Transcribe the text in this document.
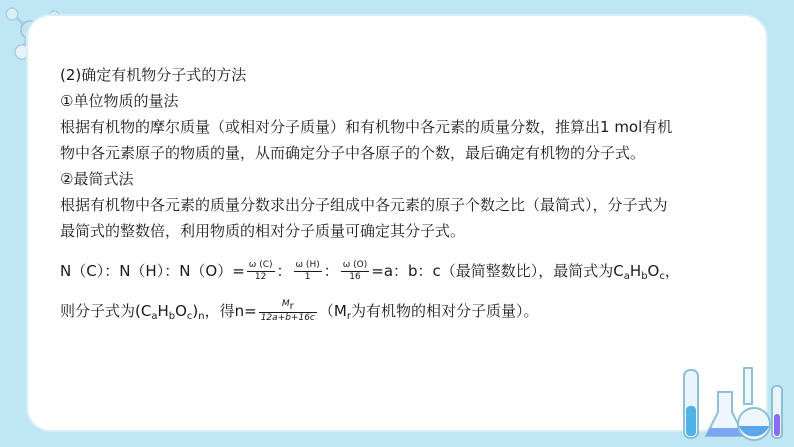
(2)确定有机物分子式的方法
①单位物质的量法
根据有机物的摩尔质量（或相对分子质量）和有机物中各元素的质量分数，推算出1 mol有机
物中各元素原子的物质的量，从而确定分子中各原子的个数，最后确定有机物的分子式。
②最简式法
根据有机物中各元素的质量分数求出分子组成中各元素的原子个数之比（最简式），分子式为
最简式的整数倍，利用物质的相对分子质量可确定其分子式。
N（C）：N（H）：$N(O)= \frac{\omega (C)}{12}$ ： $\frac{\omega (H)}{1}$ ： $\frac{\omega (O)}{16} =a$：b：c（最简整数比），最简式为$C_aH_bO_c$，
则分子式为$(C_aH_bO_c)_n$，得$n= \frac{Mr}{12a+b+16c} (M_r$为有机物的相对分子质量）。
